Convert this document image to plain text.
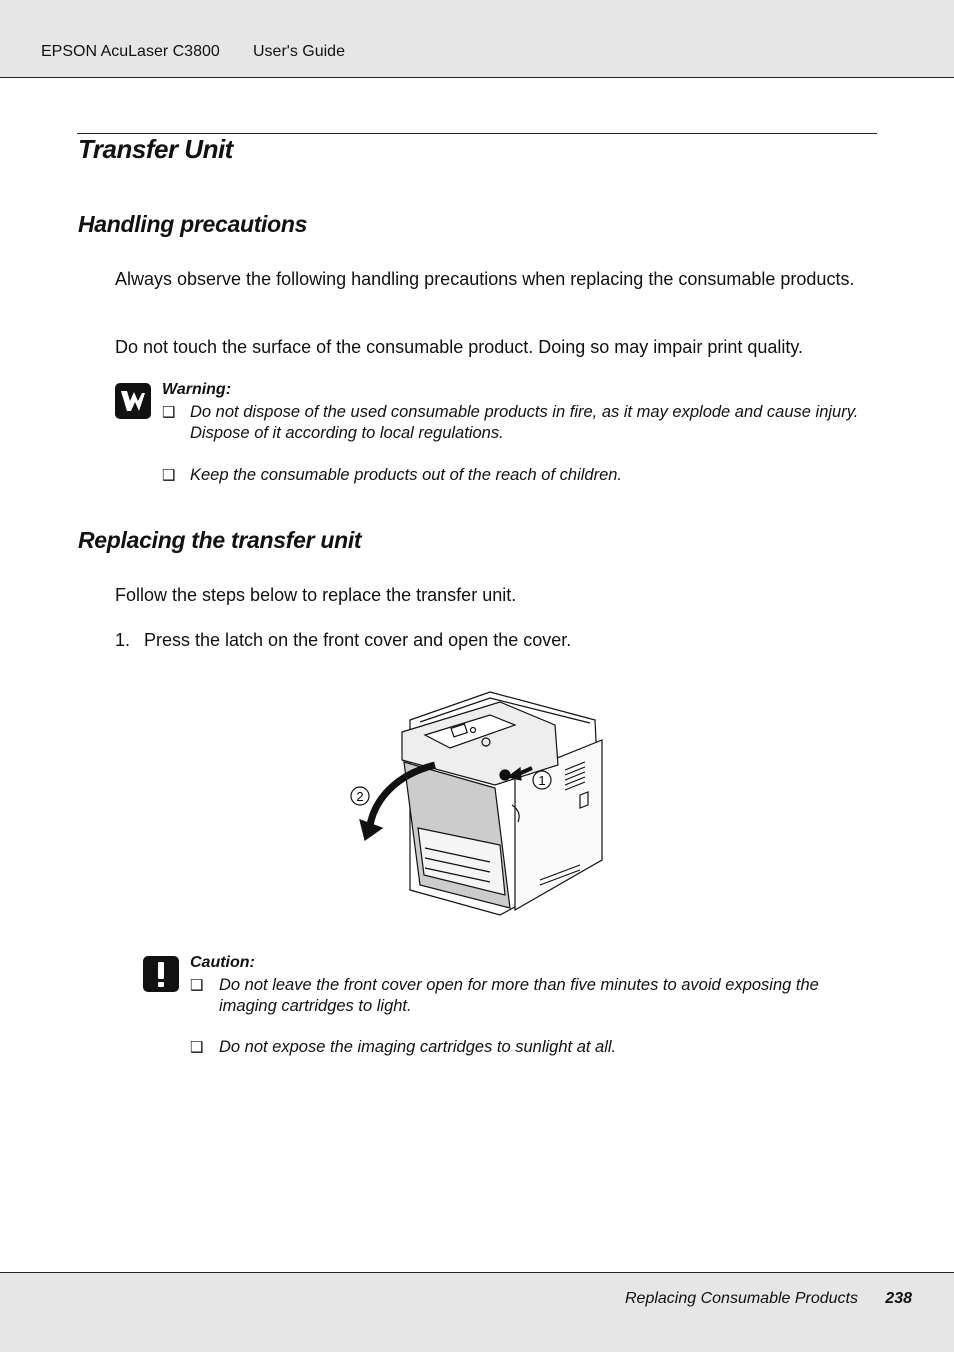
EPSON AcuLaser C3800 User's Guide
Transfer Unit
Handling precautions

Always observe the following handling precautions when replacing the consumable products.

Do not touch the surface of the consumable product. Doing so may impair print quality.

Warning:
❑ Do not dispose of the used consumable products in fire, as it may explode and cause injury. Dispose of it according to local regulations.
❑ Keep the consumable products out of the reach of children.
Replacing the transfer unit

Follow the steps below to replace the transfer unit.

1. Press the latch on the front cover and open the cover.
1
2
Caution:
❑ Do not leave the front cover open for more than five minutes to avoid exposing the imaging cartridges to light.
❑ Do not expose the imaging cartridges to sunlight at all.
Replacing Consumable Products 238
